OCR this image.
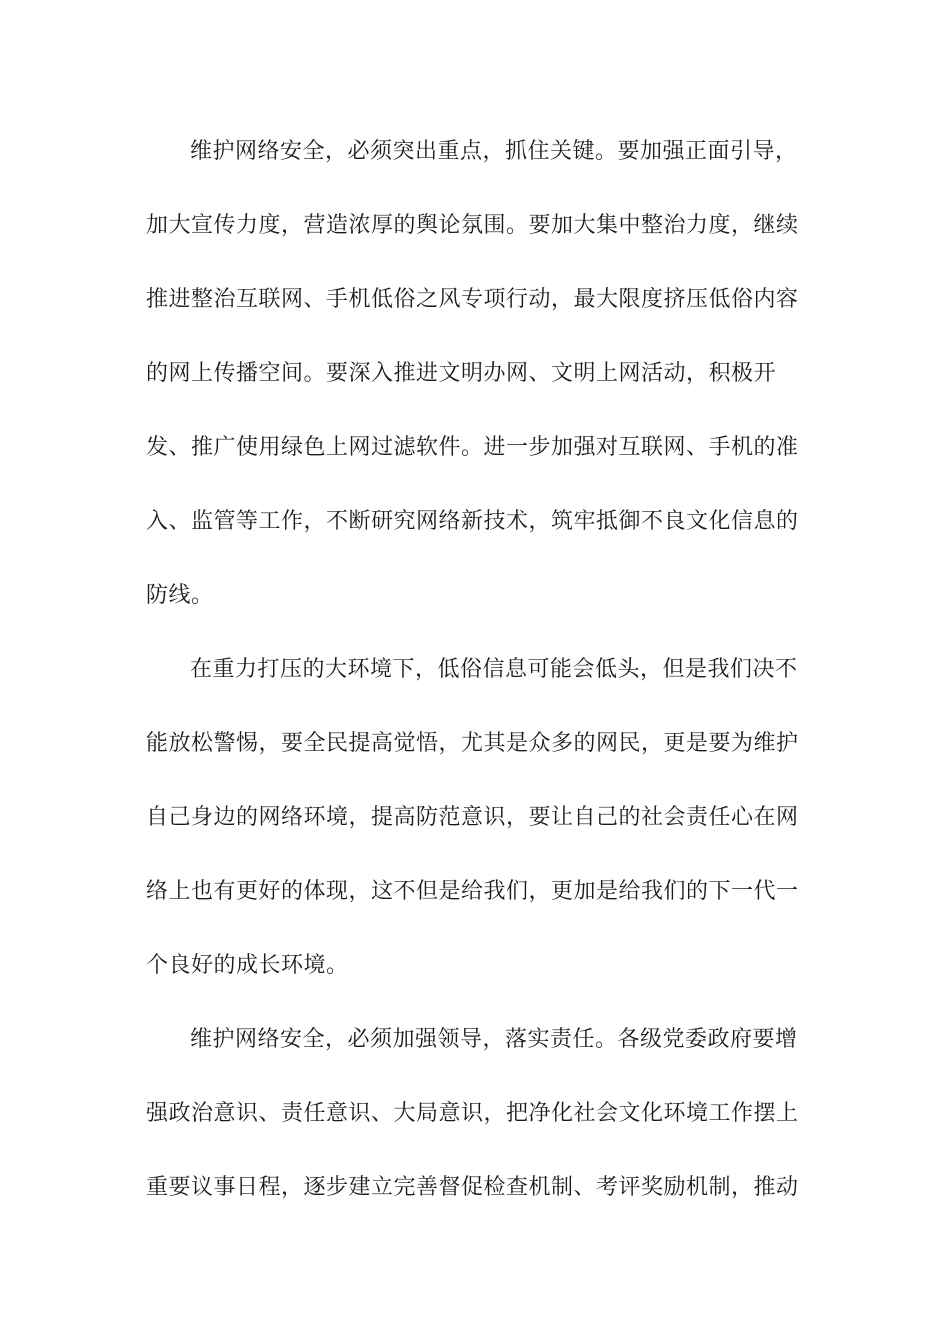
维护网络安全，必须突出重点，抓住关键。要加强正面引导，
加大宣传力度，营造浓厚的舆论氛围。要加大集中整治力度，继续
推进整治互联网、手机低俗之风专项行动，最大限度挤压低俗内容
的网上传播空间。要深入推进文明办网、文明上网活动，积极开
发、推广使用绿色上网过滤软件。进一步加强对互联网、手机的准
入、监管等工作，不断研究网络新技术，筑牢抵御不良文化信息的
防线。
在重力打压的大环境下，低俗信息可能会低头，但是我们决不
能放松警惕，要全民提高觉悟，尤其是众多的网民，更是要为维护
自己身边的网络环境，提高防范意识，要让自己的社会责任心在网
络上也有更好的体现，这不但是给我们，更加是给我们的下一代一
个良好的成长环境。
维护网络安全，必须加强领导，落实责任。各级党委政府要增
强政治意识、责任意识、大局意识，把净化社会文化环境工作摆上
重要议事日程，逐步建立完善督促检查机制、考评奖励机制，推动
